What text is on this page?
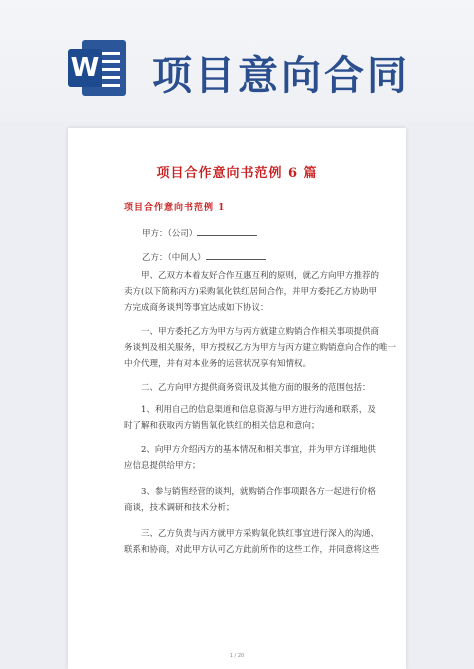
W 项目意向合同
项目合作意向书范例 6 篇
项目合作意向书范例 1
甲方：（公司）
乙方：（中间人）
甲、乙双方本着友好合作互惠互利的原则，就乙方向甲方推荐的
卖方(以下简称丙方)采购氧化铁红居间合作，并甲方委托乙方协助甲
方完成商务谈判等事宜达成如下协议：
一、甲方委托乙方为甲方与丙方就建立购销合作相关事项提供商
务谈判及相关服务，甲方授权乙方为甲方与丙方建立购销意向合作的唯一
中介代理，并有对本业务的运营状况享有知情权。
二、乙方向甲方提供商务资讯及其他方面的服务的范围包括：
1、利用自己的信息渠道和信息资源与甲方进行沟通和联系，及
时了解和获取丙方销售氧化铁红的相关信息和意向；
2、向甲方介绍丙方的基本情况和相关事宜，并为甲方详细地供
应信息提供给甲方；
3、参与销售经营的谈判，就购销合作事项跟各方一起进行价格
商谈，技术调研和技术分析；
三、乙方负责与丙方就甲方采购氧化铁红事宜进行深入的沟通、
联系和协商，对此甲方认可乙方此前所作的这些工作，并同意将这些
1 / 20
